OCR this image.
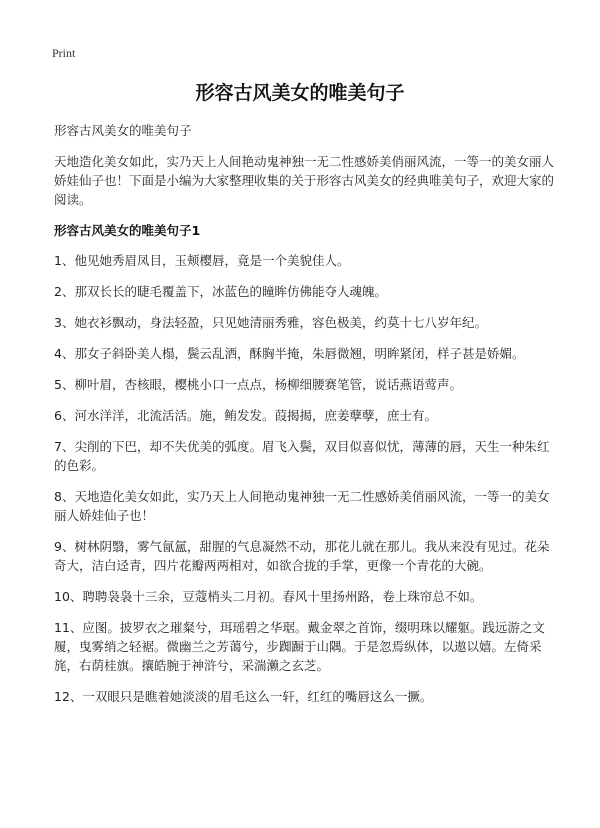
Print
形容古风美女的唯美句子

形容古风美女的唯美句子

天地造化美女如此，实乃天上人间艳动鬼神独一无二性感娇美俏丽风流，一等一的美女丽人娇娃仙子也！下面是小编为大家整理收集的关于形容古风美女的经典唯美句子，欢迎大家的阅读。

形容古风美女的唯美句子1

1、他见她秀眉凤目，玉颊樱唇，竟是一个美貌佳人。
2、那双长长的睫毛覆盖下，冰蓝色的瞳眸仿佛能夺人魂魄。
3、她衣衫飘动，身法轻盈，只见她清丽秀雅，容色极美，约莫十七八岁年纪。
4、那女子斜卧美人榻，鬓云乱洒，酥胸半掩，朱唇微翘，明眸紧闭，样子甚是娇媚。
5、柳叶眉，杏核眼，樱桃小口一点点，杨柳细腰赛笔管，说话燕语莺声。
6、河水洋洋，北流活活。施，鲔发发。葭揭揭，庶姜孽孽，庶士有。
7、尖削的下巴，却不失优美的弧度。眉飞入鬓，双目似喜似忧，薄薄的唇，天生一种朱红的色彩。
8、天地造化美女如此，实乃天上人间艳动鬼神独一无二性感娇美俏丽风流，一等一的美女丽人娇娃仙子也！
9、树林阴翳，雾气氤氲，甜腥的气息凝然不动，那花儿就在那儿。我从来没有见过。花朵奇大，洁白迳青，四片花瓣两两相对，如欲合拢的手掌，更像一个青花的大碗。
10、聘聘袅袅十三余，豆蔻梢头二月初。春风十里扬州路，卷上珠帘总不如。
11、应图。披罗衣之璀粲兮，珥瑶碧之华琚。戴金翠之首饰，缀明珠以耀躯。践远游之文履，曳雾绡之轻裾。微幽兰之芳蔼兮，步踟蹰于山隅。于是忽焉纵体，以遨以嬉。左倚采旄，右荫桂旗。攘皓腕于神浒兮，采湍濑之玄芝。
12、一双眼只是瞧着她淡淡的眉毛这么一轩，红红的嘴唇这么一撅。
